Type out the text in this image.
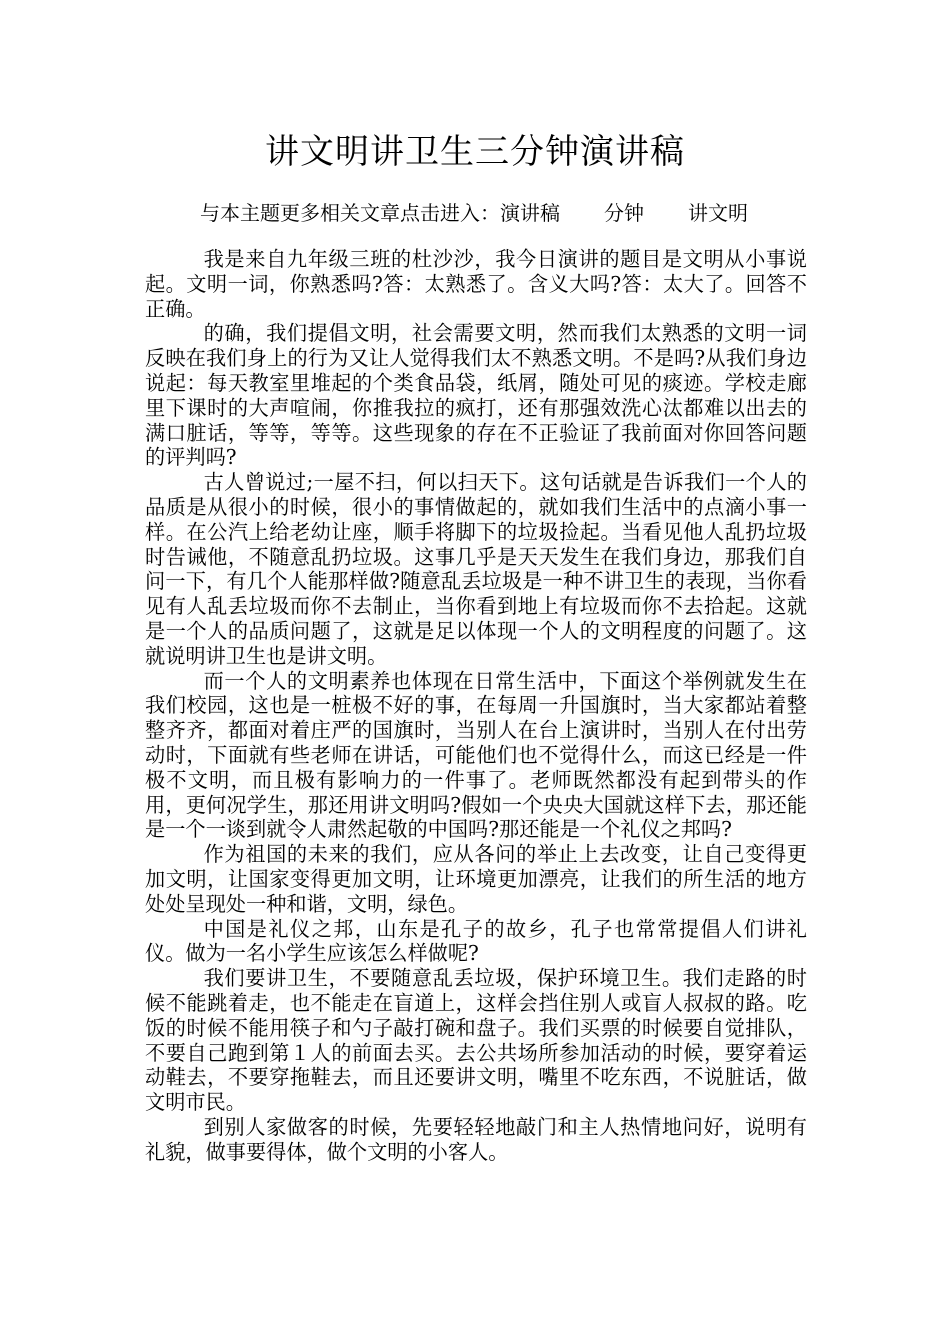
讲文明讲卫生三分钟演讲稿
与本主题更多相关文章点击进入：演讲稿 分钟 讲文明

我是来自九年级三班的杜沙沙，我今日演讲的题目是文明从小事说起。文明一词，你熟悉吗?答：太熟悉了。含义大吗?答：太大了。回答不正确。

的确，我们提倡文明，社会需要文明，然而我们太熟悉的文明一词反映在我们身上的行为又让人觉得我们太不熟悉文明。不是吗?从我们身边说起：每天教室里堆起的个类食品袋，纸屑，随处可见的痰迹。学校走廊里下课时的大声喧闹，你推我拉的疯打，还有那强效洗心汰都难以出去的满口脏话，等等，等等。这些现象的存在不正验证了我前面对你回答问题的评判吗?

古人曾说过;一屋不扫，何以扫天下。这句话就是告诉我们一个人的品质是从很小的时候，很小的事情做起的，就如我们生活中的点滴小事一样。在公汽上给老幼让座，顺手将脚下的垃圾捡起。当看见他人乱扔垃圾时告诫他，不随意乱扔垃圾。这事几乎是天天发生在我们身边，那我们自问一下，有几个人能那样做?随意乱丢垃圾是一种不讲卫生的表现，当你看见有人乱丢垃圾而你不去制止，当你看到地上有垃圾而你不去拾起。这就是一个人的品质问题了，这就是足以体现一个人的文明程度的问题了。这就说明讲卫生也是讲文明。

而一个人的文明素养也体现在日常生活中，下面这个举例就发生在我们校园，这也是一桩极不好的事，在每周一升国旗时，当大家都站着整整齐齐，都面对着庄严的国旗时，当别人在台上演讲时，当别人在付出劳动时，下面就有些老师在讲话，可能他们也不觉得什么，而这已经是一件极不文明，而且极有影响力的一件事了。老师既然都没有起到带头的作用，更何况学生，那还用讲文明吗?假如一个央央大国就这样下去，那还能是一个一谈到就令人肃然起敬的中国吗?那还能是一个礼仪之邦吗?

作为祖国的未来的我们，应从各问的举止上去改变，让自己变得更加文明，让国家变得更加文明，让环境更加漂亮，让我们的所生活的地方处处呈现处一种和谐，文明，绿色。

中国是礼仪之邦，山东是孔子的故乡，孔子也常常提倡人们讲礼仪。做为一名小学生应该怎么样做呢?

我们要讲卫生，不要随意乱丢垃圾，保护环境卫生。我们走路的时候不能跳着走，也不能走在盲道上，这样会挡住别人或盲人叔叔的路。吃饭的时候不能用筷子和勺子敲打碗和盘子。我们买票的时候要自觉排队，不要自己跑到第１人的前面去买。去公共场所参加活动的时候，要穿着运动鞋去，不要穿拖鞋去，而且还要讲文明，嘴里不吃东西，不说脏话，做文明市民。

到别人家做客的时候，先要轻轻地敲门和主人热情地问好，说明有礼貌，做事要得体，做个文明的小客人。
